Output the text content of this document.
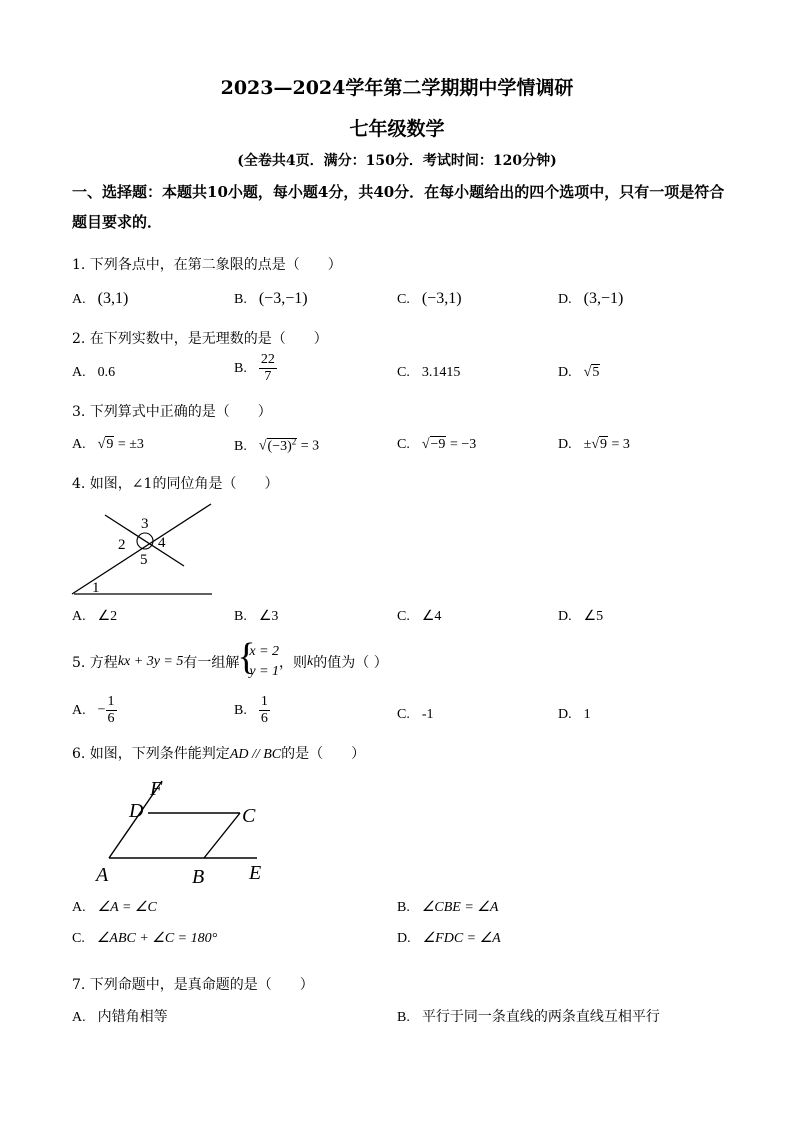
2023—2024学年第二学期期中学情调研
七年级数学
(全卷共4页．满分：150分．考试时间：120分钟)
一、选择题：本题共10小题，每小题4分，共40分．在每小题给出的四个选项中，只有一项是符合题目要求的．
1. 下列各点中，在第二象限的点是（　　）
A. (3,1)	B. (−3,−1)	C. (−3,1)	D. (3,−1)
2. 在下列实数中，是无理数的是（　　）
A. 0.6	B. $\frac{22}{7}$	C. 3.1415	D. √5
3. 下列算式中正确的是（　　）
A. √9 = ±3	B. $√(-3)^2 = 3$	C. √−9 = −3	D. ±√9 = 3
4. 如图，∠1的同位角是（　　）
3
2 4
5
1
A. ∠2	B. ∠3	C. ∠4	D. ∠5
5. 方程kx + 3y = 5有一组解
{
x = 2
y = 1
，则k的值为（ ）
A. − $\frac{1}{6}$	B. $\frac{1}{6}$	C. -1	D. 1
6. 如图，下列条件能判定AD // BC的是（　　）
F
D	C
A	B E
A. ∠A = ∠C	B. ∠CBE = ∠A
C. ∠ABC + ∠C = 180°	D. ∠FDC = ∠A
7. 下列命题中，是真命题的是（　　）
A. 内错角相等	B. 平行于同一条直线的两条直线互相平行
